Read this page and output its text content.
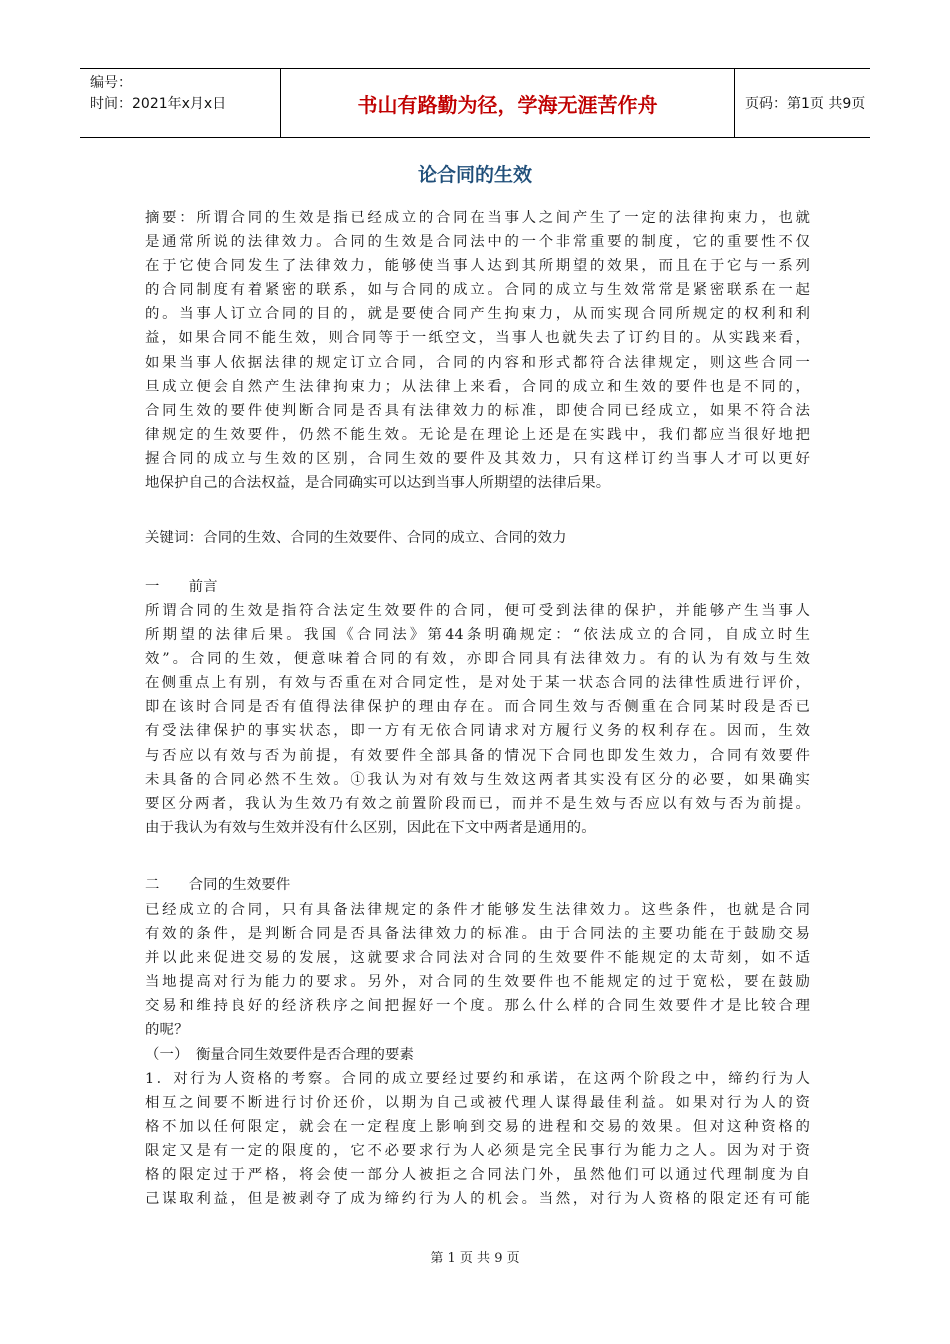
编号：
时间：2021年x月x日	书山有路勤为径，学海无涯苦作舟	页码：第1页 共9页
论合同的生效
摘要：所谓合同的生效是指已经成立的合同在当事人之间产生了一定的法律拘束力，也就
是通常所说的法律效力。合同的生效是合同法中的一个非常重要的制度，它的重要性不仅
在于它使合同发生了法律效力，能够使当事人达到其所期望的效果，而且在于它与一系列
的合同制度有着紧密的联系，如与合同的成立。合同的成立与生效常常是紧密联系在一起
的。当事人订立合同的目的，就是要使合同产生拘束力，从而实现合同所规定的权利和利
益，如果合同不能生效，则合同等于一纸空文，当事人也就失去了订约目的。从实践来看，
如果当事人依据法律的规定订立合同，合同的内容和形式都符合法律规定，则这些合同一
旦成立便会自然产生法律拘束力；从法律上来看，合同的成立和生效的要件也是不同的，
合同生效的要件使判断合同是否具有法律效力的标准，即使合同已经成立，如果不符合法
律规定的生效要件，仍然不能生效。无论是在理论上还是在实践中，我们都应当很好地把
握合同的成立与生效的区别，合同生效的要件及其效力，只有这样订约当事人才可以更好
地保护自己的合法权益，是合同确实可以达到当事人所期望的法律后果。
关键词：合同的生效、合同的生效要件、合同的成立、合同的效力
一　　前言
所谓合同的生效是指符合法定生效要件的合同，便可受到法律的保护，并能够产生当事人
所期望的法律后果。我国《合同法》第44条明确规定：“依法成立的合同，自成立时生
效”。合同的生效，便意味着合同的有效，亦即合同具有法律效力。有的认为有效与生效
在侧重点上有别，有效与否重在对合同定性，是对处于某一状态合同的法律性质进行评价，
即在该时合同是否有值得法律保护的理由存在。而合同生效与否侧重在合同某时段是否已
有受法律保护的事实状态，即一方有无依合同请求对方履行义务的权利存在。因而，生效
与否应以有效与否为前提，有效要件全部具备的情况下合同也即发生效力，合同有效要件
未具备的合同必然不生效。①我认为对有效与生效这两者其实没有区分的必要，如果确实
要区分两者，我认为生效乃有效之前置阶段而已，而并不是生效与否应以有效与否为前提。
由于我认为有效与生效并没有什么区别，因此在下文中两者是通用的。
二　　合同的生效要件
已经成立的合同，只有具备法律规定的条件才能够发生法律效力。这些条件，也就是合同
有效的条件，是判断合同是否具备法律效力的标准。由于合同法的主要功能在于鼓励交易
并以此来促进交易的发展，这就要求合同法对合同的生效要件不能规定的太苛刻，如不适
当地提高对行为能力的要求。另外，对合同的生效要件也不能规定的过于宽松，要在鼓励
交易和维持良好的经济秩序之间把握好一个度。那么什么样的合同生效要件才是比较合理
的呢？
（一）　衡量合同生效要件是否合理的要素
1．对行为人资格的考察。合同的成立要经过要约和承诺，在这两个阶段之中，缔约行为人
相互之间要不断进行讨价还价，以期为自己或被代理人谋得最佳利益。如果对行为人的资
格不加以任何限定，就会在一定程度上影响到交易的进程和交易的效果。但对这种资格的
限定又是有一定的限度的，它不必要求行为人必须是完全民事行为能力之人。因为对于资
格的限定过于严格，将会使一部分人被拒之合同法门外，虽然他们可以通过代理制度为自
己谋取利益，但是被剥夺了成为缔约行为人的机会。当然，对行为人资格的限定还有可能
第 1 页 共 9 页
